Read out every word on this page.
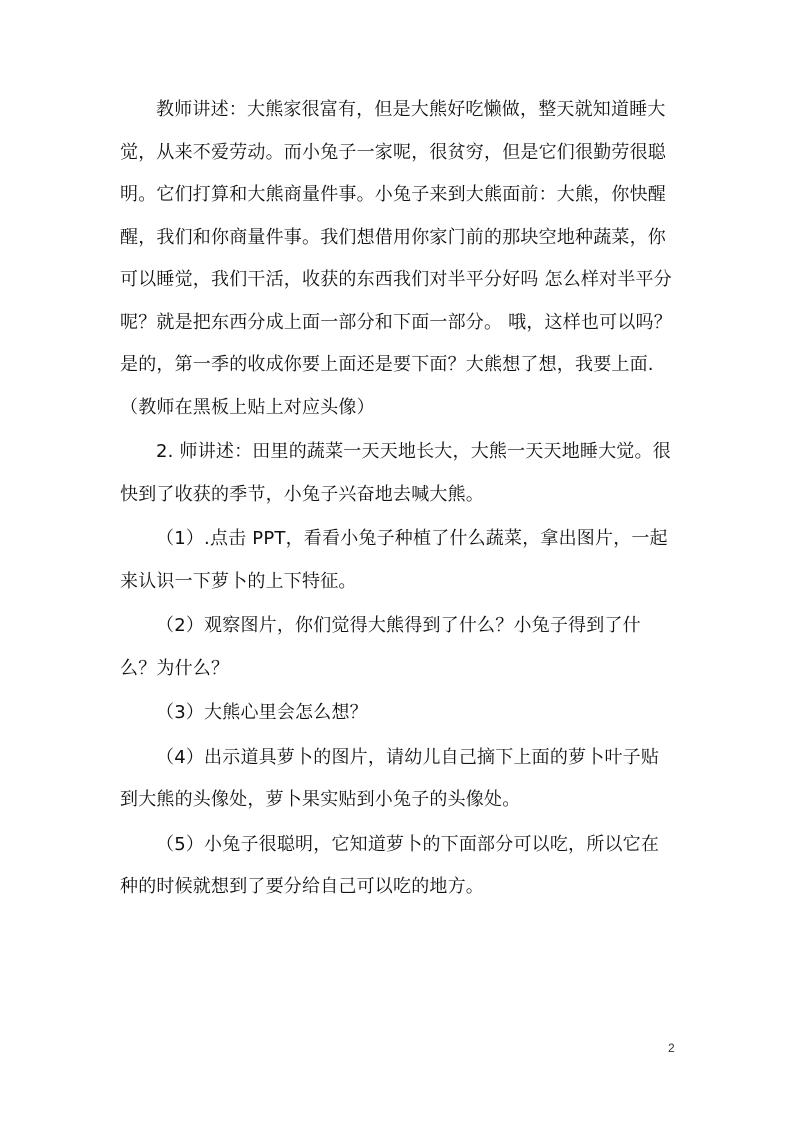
教师讲述：大熊家很富有，但是大熊好吃懒做，整天就知道睡大觉，从来不爱劳动。而小兔子一家呢，很贫穷，但是它们很勤劳很聪明。它们打算和大熊商量件事。小兔子来到大熊面前：大熊，你快醒醒，我们和你商量件事。我们想借用你家门前的那块空地种蔬菜，你可以睡觉，我们干活，收获的东西我们对半平分好吗 怎么样对半平分呢？就是把东西分成上面一部分和下面一部分。 哦，这样也可以吗？是的，第一季的收成你要上面还是要下面？大熊想了想，我要上面.（教师在黑板上贴上对应头像）

2. 师讲述：田里的蔬菜一天天地长大，大熊一天天地睡大觉。很快到了收获的季节，小兔子兴奋地去喊大熊。

（1）.点击 PPT，看看小兔子种植了什么蔬菜，拿出图片，一起来认识一下萝卜的上下特征。

（2）观察图片，你们觉得大熊得到了什么？小兔子得到了什么？为什么？

（3）大熊心里会怎么想？

（4）出示道具萝卜的图片，请幼儿自己摘下上面的萝卜叶子贴到大熊的头像处，萝卜果实贴到小兔子的头像处。

（5）小兔子很聪明，它知道萝卜的下面部分可以吃，所以它在种的时候就想到了要分给自己可以吃的地方。

2
